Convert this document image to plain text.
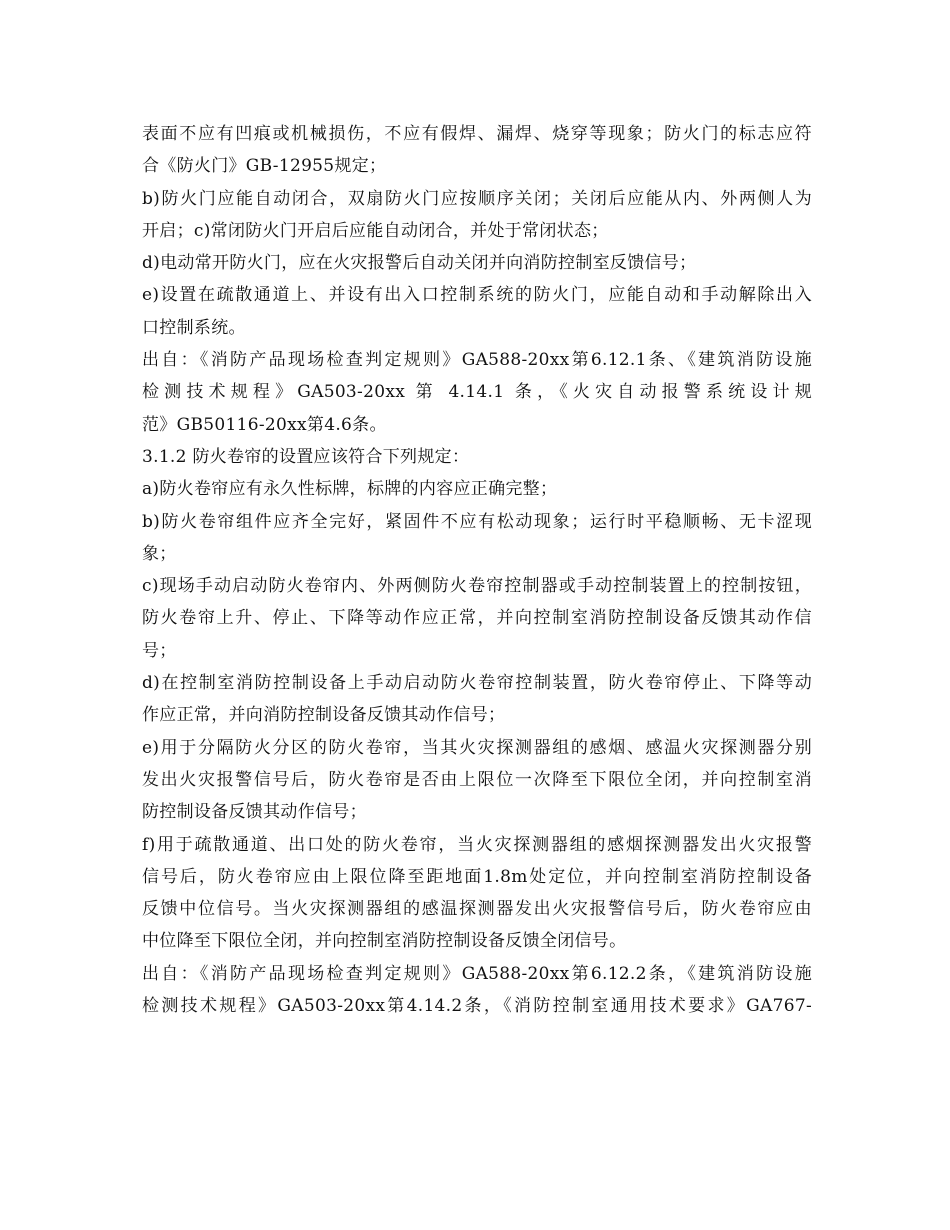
表面不应有凹痕或机械损伤，不应有假焊、漏焊、烧穿等现象；防火门的标志应符
合《防火门》GB-12955规定；
b)防火门应能自动闭合，双扇防火门应按顺序关闭；关闭后应能从内、外两侧人为
开启；c)常闭防火门开启后应能自动闭合，并处于常闭状态；
d)电动常开防火门，应在火灾报警后自动关闭并向消防控制室反馈信号；
e)设置在疏散通道上、并设有出入口控制系统的防火门，应能自动和手动解除出入
口控制系统。
出自：《消防产品现场检查判定规则》GA588-20xx第6.12.1条、《建筑消防设施
检测技术规程》GA503-20xx 第 4.14.1 条，《火灾自动报警系统设计规
范》GB50116-20xx第4.6条。
3.1.2 防火卷帘的设置应该符合下列规定：
a)防火卷帘应有永久性标牌，标牌的内容应正确完整；
b)防火卷帘组件应齐全完好，紧固件不应有松动现象；运行时平稳顺畅、无卡涩现
象；
c)现场手动启动防火卷帘内、外两侧防火卷帘控制器或手动控制装置上的控制按钮，
防火卷帘上升、停止、下降等动作应正常，并向控制室消防控制设备反馈其动作信
号；
d)在控制室消防控制设备上手动启动防火卷帘控制装置，防火卷帘停止、下降等动
作应正常，并向消防控制设备反馈其动作信号；
e)用于分隔防火分区的防火卷帘，当其火灾探测器组的感烟、感温火灾探测器分别
发出火灾报警信号后，防火卷帘是否由上限位一次降至下限位全闭，并向控制室消
防控制设备反馈其动作信号；
f)用于疏散通道、出口处的防火卷帘，当火灾探测器组的感烟探测器发出火灾报警
信号后，防火卷帘应由上限位降至距地面1.8m处定位，并向控制室消防控制设备
反馈中位信号。当火灾探测器组的感温探测器发出火灾报警信号后，防火卷帘应由
中位降至下限位全闭，并向控制室消防控制设备反馈全闭信号。
出自：《消防产品现场检查判定规则》GA588-20xx第6.12.2条，《建筑消防设施
检测技术规程》GA503-20xx第4.14.2条，《消防控制室通用技术要求》GA767-
